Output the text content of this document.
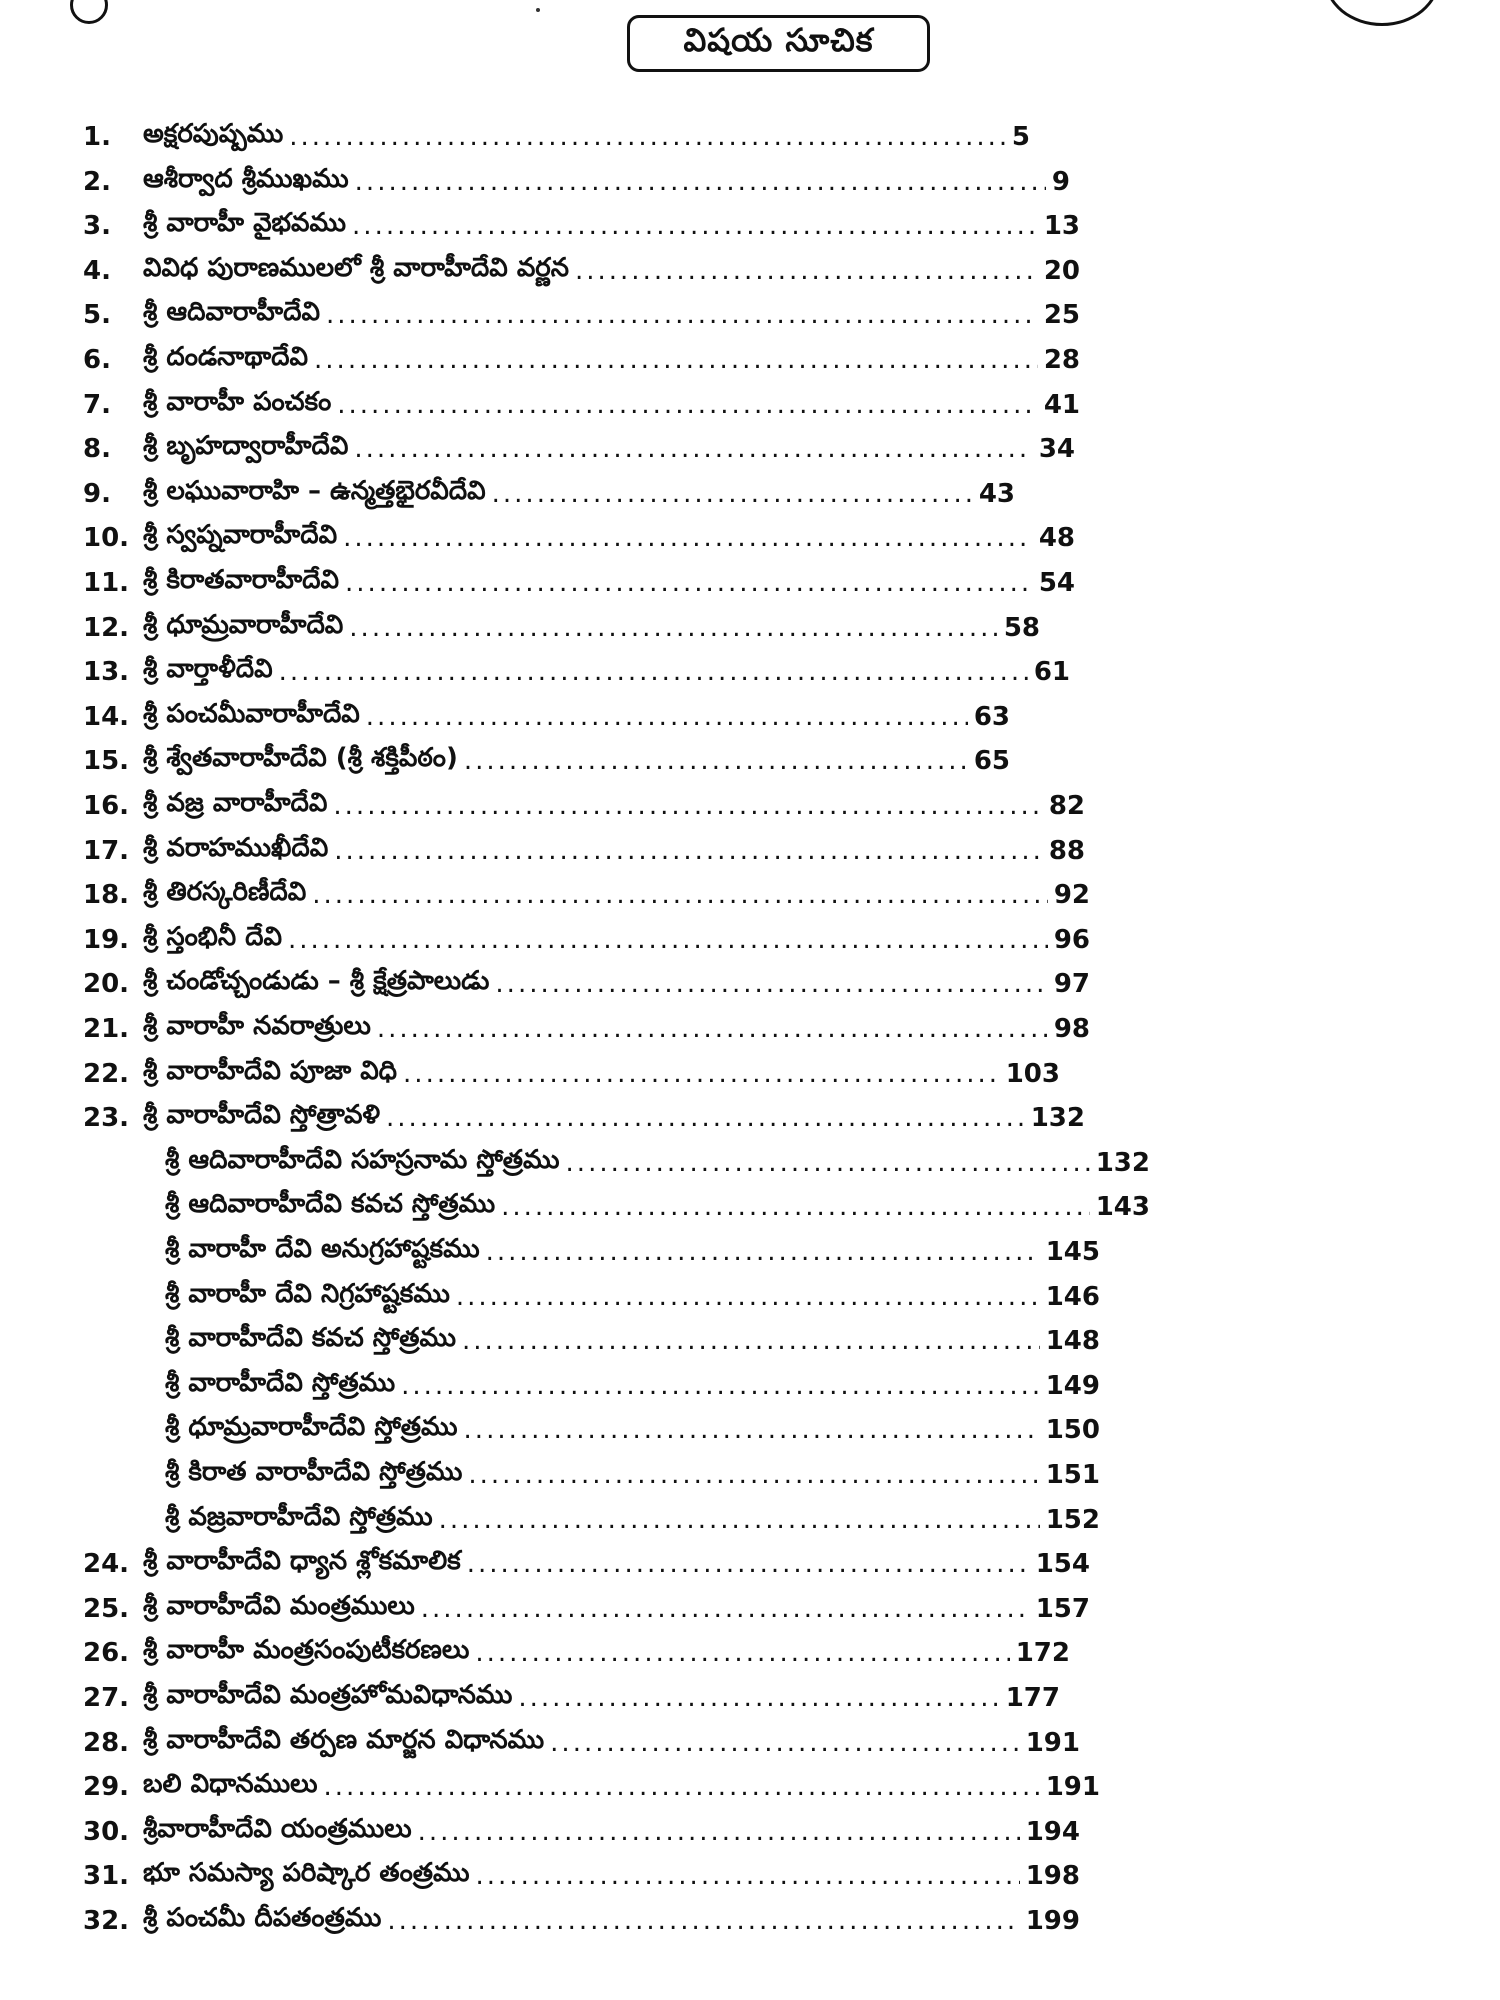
విషయ సూచిక
1.	అక్షరపుష్పము .....	5
2.	ఆశీర్వాద శ్రీముఖము .....	9
3.	శ్రీ వారాహీ వైభవము .....	13
4.	వివిధ పురాణములలో శ్రీ వారాహీదేవి వర్ణన .....	20
5.	శ్రీ ఆదివారాహీదేవి .....	25
6.	శ్రీ దండనాథాదేవి .....	28
7.	శ్రీ వారాహీ పంచకం .....	41
8.	శ్రీ బృహద్వారాహీదేవి .....	34
9.	శ్రీ లఘువారాహి – ఉన్మత్తభైరవీదేవి .....	43
10. శ్రీ స్వప్నవారాహీదేవి .....	48
11. శ్రీ కిరాతవారాహీదేవి .....	54
12. శ్రీ ధూమ్రవారాహీదేవి .....	58
13. శ్రీ వార్తాళీదేవి .....	61
14. శ్రీ పంచమీవారాహీదేవి .....	63
15. శ్రీ శ్వేతవారాహీదేవి (శ్రీ శక్తిపీఠం) .....	65
16. శ్రీ వజ్ర వారాహీదేవి .....	82
17. శ్రీ వరాహముఖీదేవి .....	88
18. శ్రీ తిరస్కరిణీదేవి .....	92
19. శ్రీ స్తంభినీ దేవి .....	96
20. శ్రీ చండోచ్చండుడు – శ్రీ క్షేత్రపాలుడు .....	97
21. శ్రీ వారాహీ నవరాత్రులు .....	98
22. శ్రీ వారాహీదేవి పూజా విధి .....	103
23. శ్రీ వారాహీదేవి స్తోత్రావళి .....	132
శ్రీ ఆదివారాహీదేవి సహస్రనామ స్తోత్రము .....	132
శ్రీ ఆదివారాహీదేవి కవచ స్తోత్రము .....	143
శ్రీ వారాహీ దేవి అనుగ్రహాష్టకము .....	145
శ్రీ వారాహీ దేవి నిగ్రహాష్టకము .....	146
శ్రీ వారాహీదేవి కవచ స్తోత్రము .....	148
శ్రీ వారాహీదేవి స్తోత్రము .....	149
శ్రీ ధూమ్రవారాహీదేవి స్తోత్రము .....	150
శ్రీ కిరాత వారాహీదేవి స్తోత్రము .....	151
శ్రీ వజ్రవారాహీదేవి స్తోత్రము .....	152
24. శ్రీ వారాహీదేవి ధ్యాన శ్లోకమాలిక .....	154
25. శ్రీ వారాహీదేవి మంత్రములు .....	157
26. శ్రీ వారాహీ మంత్రసంపుటీకరణలు .....	172
27. శ్రీ వారాహీదేవి మంత్రహోమవిధానము .....	177
28. శ్రీ వారాహీదేవి తర్పణ మార్జన విధానము .....	191
29. బలి విధానములు .....	191
30. శ్రీవారాహీదేవి యంత్రములు .....	194
31. భూ సమస్యా పరిష్కార తంత్రము .....	198
32. శ్రీ పంచమీ దీపతంత్రము .....	199
